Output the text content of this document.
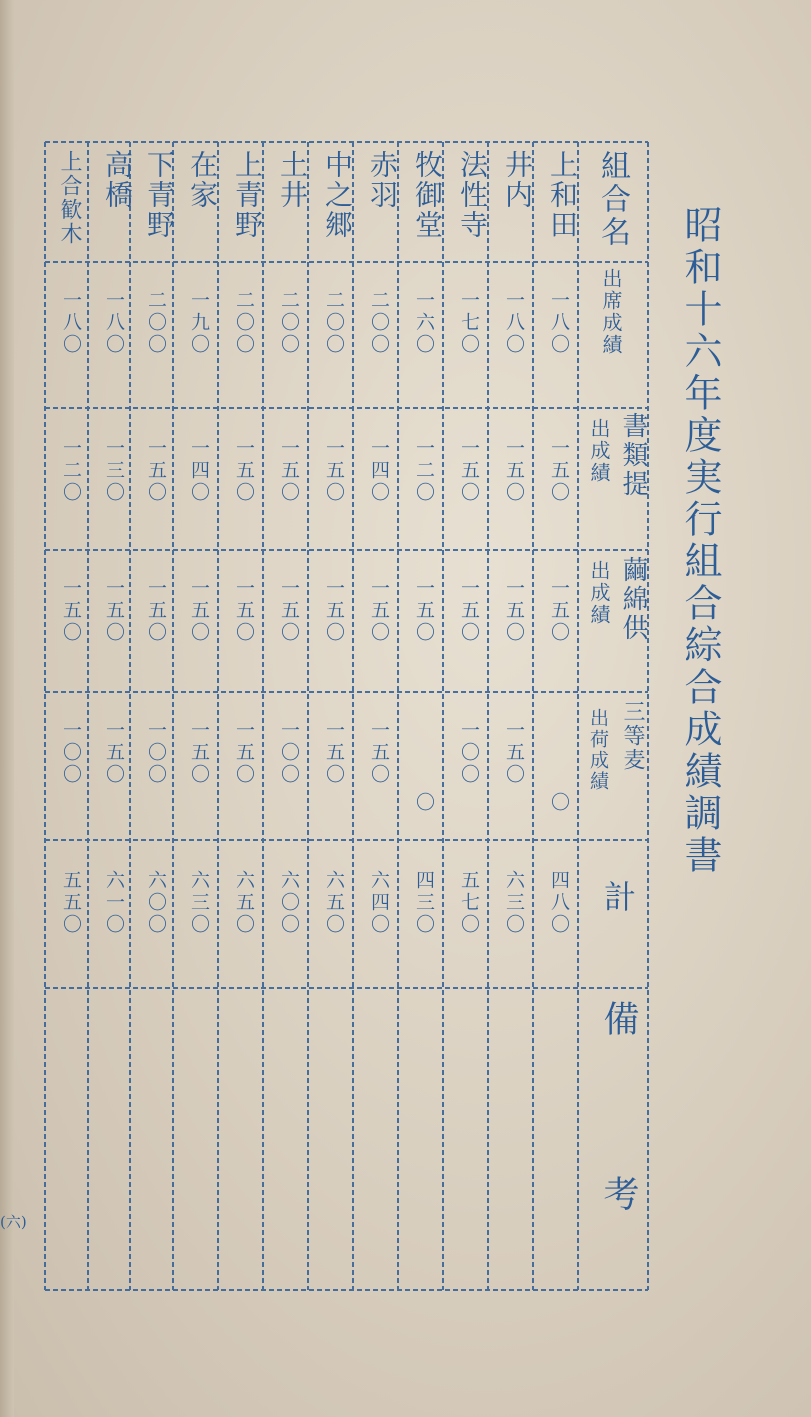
昭和十六年度実行組合綜合成績調書
組合名
出席成績
書類提
出成績
繭綿供
出成績
三等麦
出荷成績
計
備
考
上和田
一八〇
一五〇
一五〇
〇
四八〇
井内
一八〇
一五〇
一五〇
一五〇
六三〇
法性寺
一七〇
一五〇
一五〇
一〇〇
五七〇
牧御堂
一六〇
一二〇
一五〇
〇
四三〇
赤羽
二〇〇
一四〇
一五〇
一五〇
六四〇
中之郷
二〇〇
一五〇
一五〇
一五〇
六五〇
土井
二〇〇
一五〇
一五〇
一〇〇
六〇〇
上青野
二〇〇
一五〇
一五〇
一五〇
六五〇
在家
一九〇
一四〇
一五〇
一五〇
六三〇
下青野
二〇〇
一五〇
一五〇
一〇〇
六〇〇
高橋
一八〇
一三〇
一五〇
一五〇
六一〇
上合歓木
一八〇
一二〇
一五〇
一〇〇
五五〇
(六)
